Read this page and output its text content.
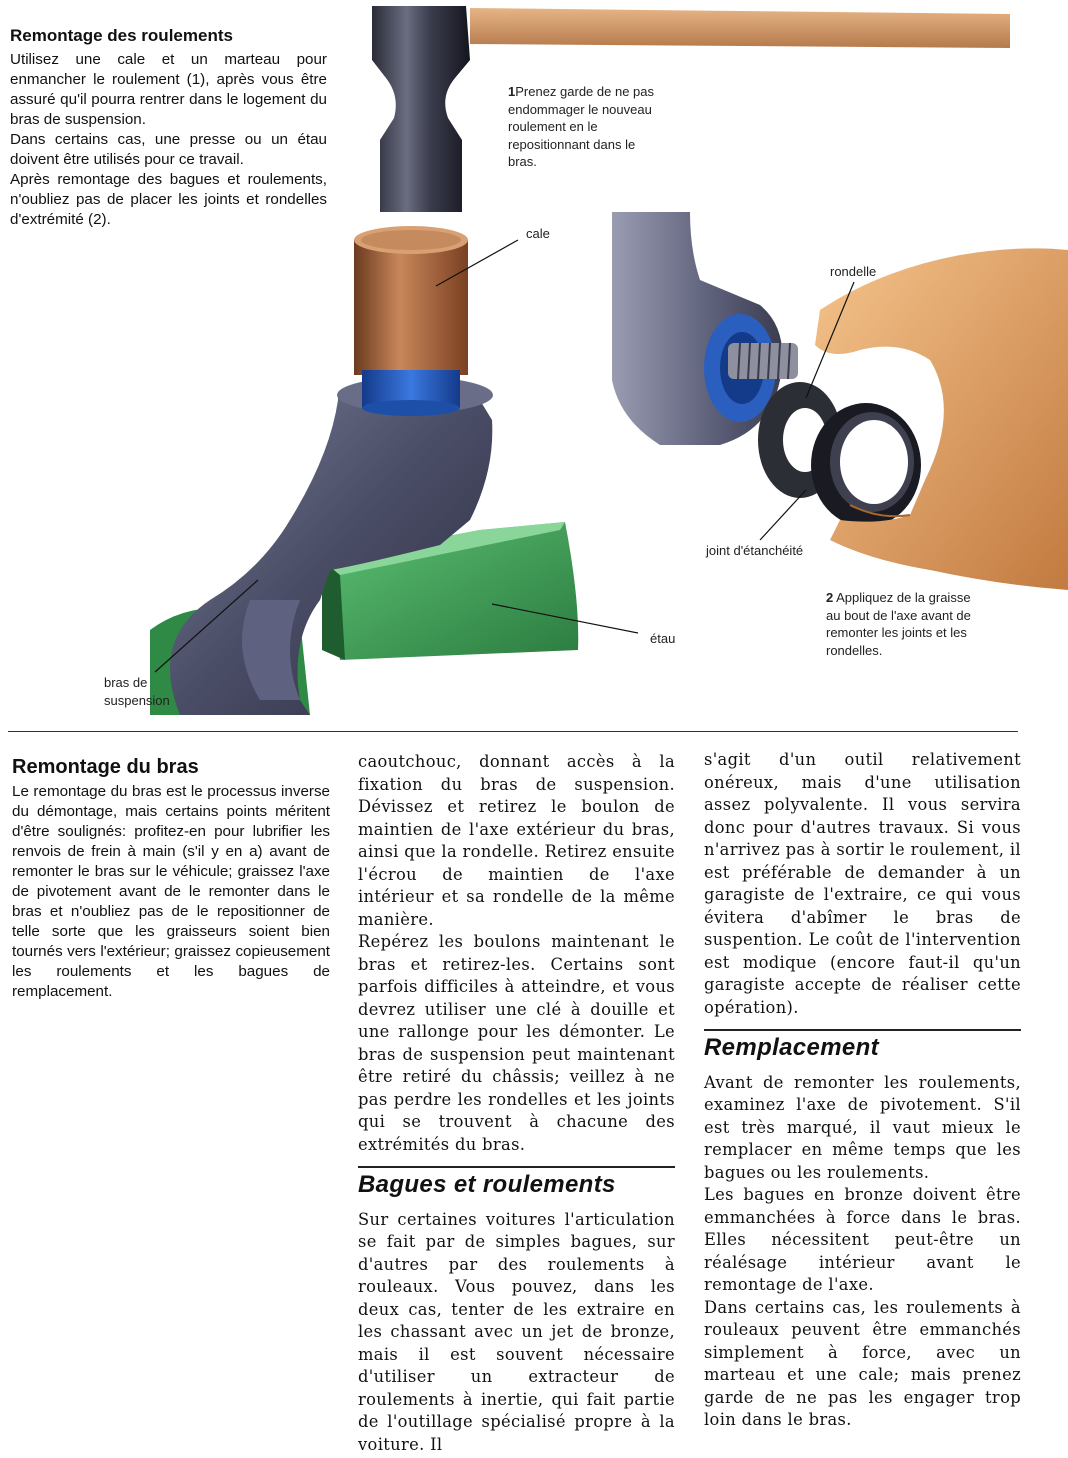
1Prenez garde de ne pas endommager le nouveau roulement en le repositionnant dans le bras.
cale
rondelle
joint d'étanchéité
2 Appliquez de la graisse au bout de l'axe avant de remonter les joints et les rondelles.
étau
bras de
suspension
Remontage des roulements

Utilisez une cale et un marteau pour enmancher le roulement (1), après vous être assuré qu'il pourra rentrer dans le logement du bras de suspension.

Dans certains cas, une presse ou un étau doivent être utilisés pour ce travail.

Après remontage des bagues et roulements, n'oubliez pas de placer les joints et rondelles d'extrémité (2).

Remontage du bras
Le remontage du bras est le processus inverse du démontage, mais certains points méritent d'être soulignés: profitez-en pour lubrifier les renvois de frein à main (s'il y en a) avant de remonter le bras sur le véhicule; graissez l'axe de pivotement avant de le remonter dans le bras et n'oubliez pas de le repositionner de telle sorte que les graisseurs soient bien tournés vers l'extérieur; graissez copieusement les roulements et les bagues de remplacement.

caoutchouc, donnant accès à la fixation du bras de suspension. Dévissez et retirez le boulon de maintien de l'axe extérieur du bras, ainsi que la rondelle. Retirez ensuite l'écrou de maintien de l'axe intérieur et sa rondelle de la même manière.

Repérez les boulons maintenant le bras et retirez-les. Certains sont parfois difficiles à atteindre, et vous devrez utiliser une clé à douille et une rallonge pour les démonter. Le bras de suspension peut maintenant être retiré du châssis; veillez à ne pas perdre les rondelles et les joints qui se trouvent à chacune des extrémités du bras.

Bagues et roulements

Sur certaines voitures l'articulation se fait par de simples bagues, sur d'autres par des roulements à rouleaux. Vous pouvez, dans les deux cas, tenter de les extraire en les chassant avec un jet de bronze, mais il est souvent nécessaire d'utiliser un extracteur de roulements à inertie, qui fait partie de l'outillage spécialisé propre à la voiture. Il

s'agit d'un outil relativement onéreux, mais d'une utilisation assez polyvalente. Il vous servira donc pour d'autres travaux. Si vous n'arrivez pas à sortir le roulement, il est préférable de demander à un garagiste de l'extraire, ce qui vous évitera d'abîmer le bras de suspention. Le coût de l'intervention est modique (encore faut-il qu'un garagiste accepte de réaliser cette opération).

Remplacement

Avant de remonter les roulements, examinez l'axe de pivotement. S'il est très marqué, il vaut mieux le remplacer en même temps que les bagues ou les roulements.

Les bagues en bronze doivent être emmanchées à force dans le bras. Elles nécessitent peut-être un réalésage intérieur avant le remontage de l'axe.

Dans certains cas, les roulements à rouleaux peuvent être emmanchés simplement à force, avec un marteau et une cale; mais prenez garde de ne pas les engager trop loin dans le bras.
